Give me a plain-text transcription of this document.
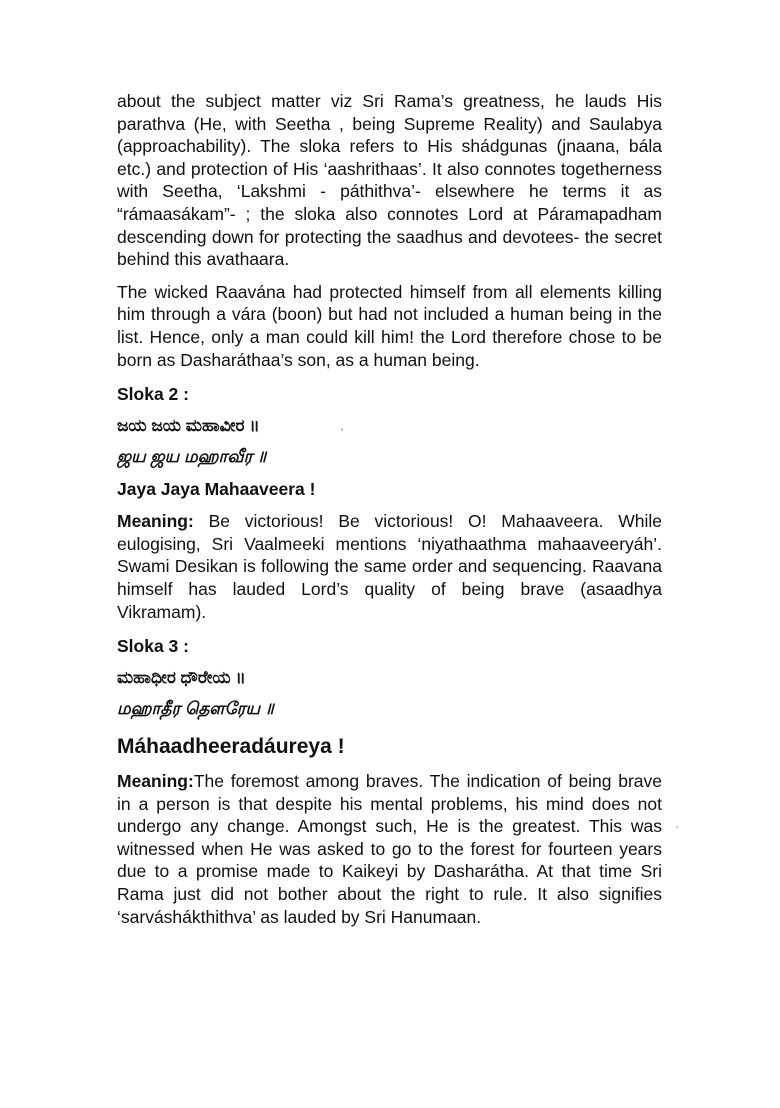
about the subject matter viz Sri Rama’s greatness, he lauds His parathva (He, with Seetha , being Supreme Reality) and Saulabya (approachability). The sloka refers to His shádgunas (jnaana, bála etc.) and protection of His ‘aashrithaas’. It also connotes togetherness with Seetha, ‘Lakshmi - páthithva’- elsewhere he terms it as “rámaasákam”- ; the sloka also connotes Lord at Páramapadham descending down for protecting the saadhus and devotees- the secret behind this avathaara.

The wicked Raavána had protected himself from all elements killing him through a vára (boon) but had not included a human being in the list. Hence, only a man could kill him! the Lord therefore chose to be born as Dasharáthaa’s son, as a human being.

Sloka 2 :
ಜಯ ಜಯ ಮಹಾವೀರ ॥
ஜய ஜய மஹாவீர ॥
Jaya Jaya Mahaaveera !

Meaning: Be victorious! Be victorious! O! Mahaaveera. While eulogising, Sri Vaalmeeki mentions ‘niyathaathma mahaaveeryáh’. Swami Desikan is following the same order and sequencing. Raavana himself has lauded Lord’s quality of being brave (asaadhya Vikramam).

Sloka 3 :
ಮಹಾಧೀರ ಧೌರೇಯ ॥
மஹாதீர தௌரேய ॥
Máhaadheeradáureya !

Meaning:The foremost among braves. The indication of being brave in a person is that despite his mental problems, his mind does not undergo any change. Amongst such, He is the greatest. This was witnessed when He was asked to go to the forest for fourteen years due to a promise made to Kaikeyi by Dasharátha. At that time Sri Rama just did not bother about the right to rule. It also signifies ‘sarváshákthithva’ as lauded by Sri Hanumaan.
